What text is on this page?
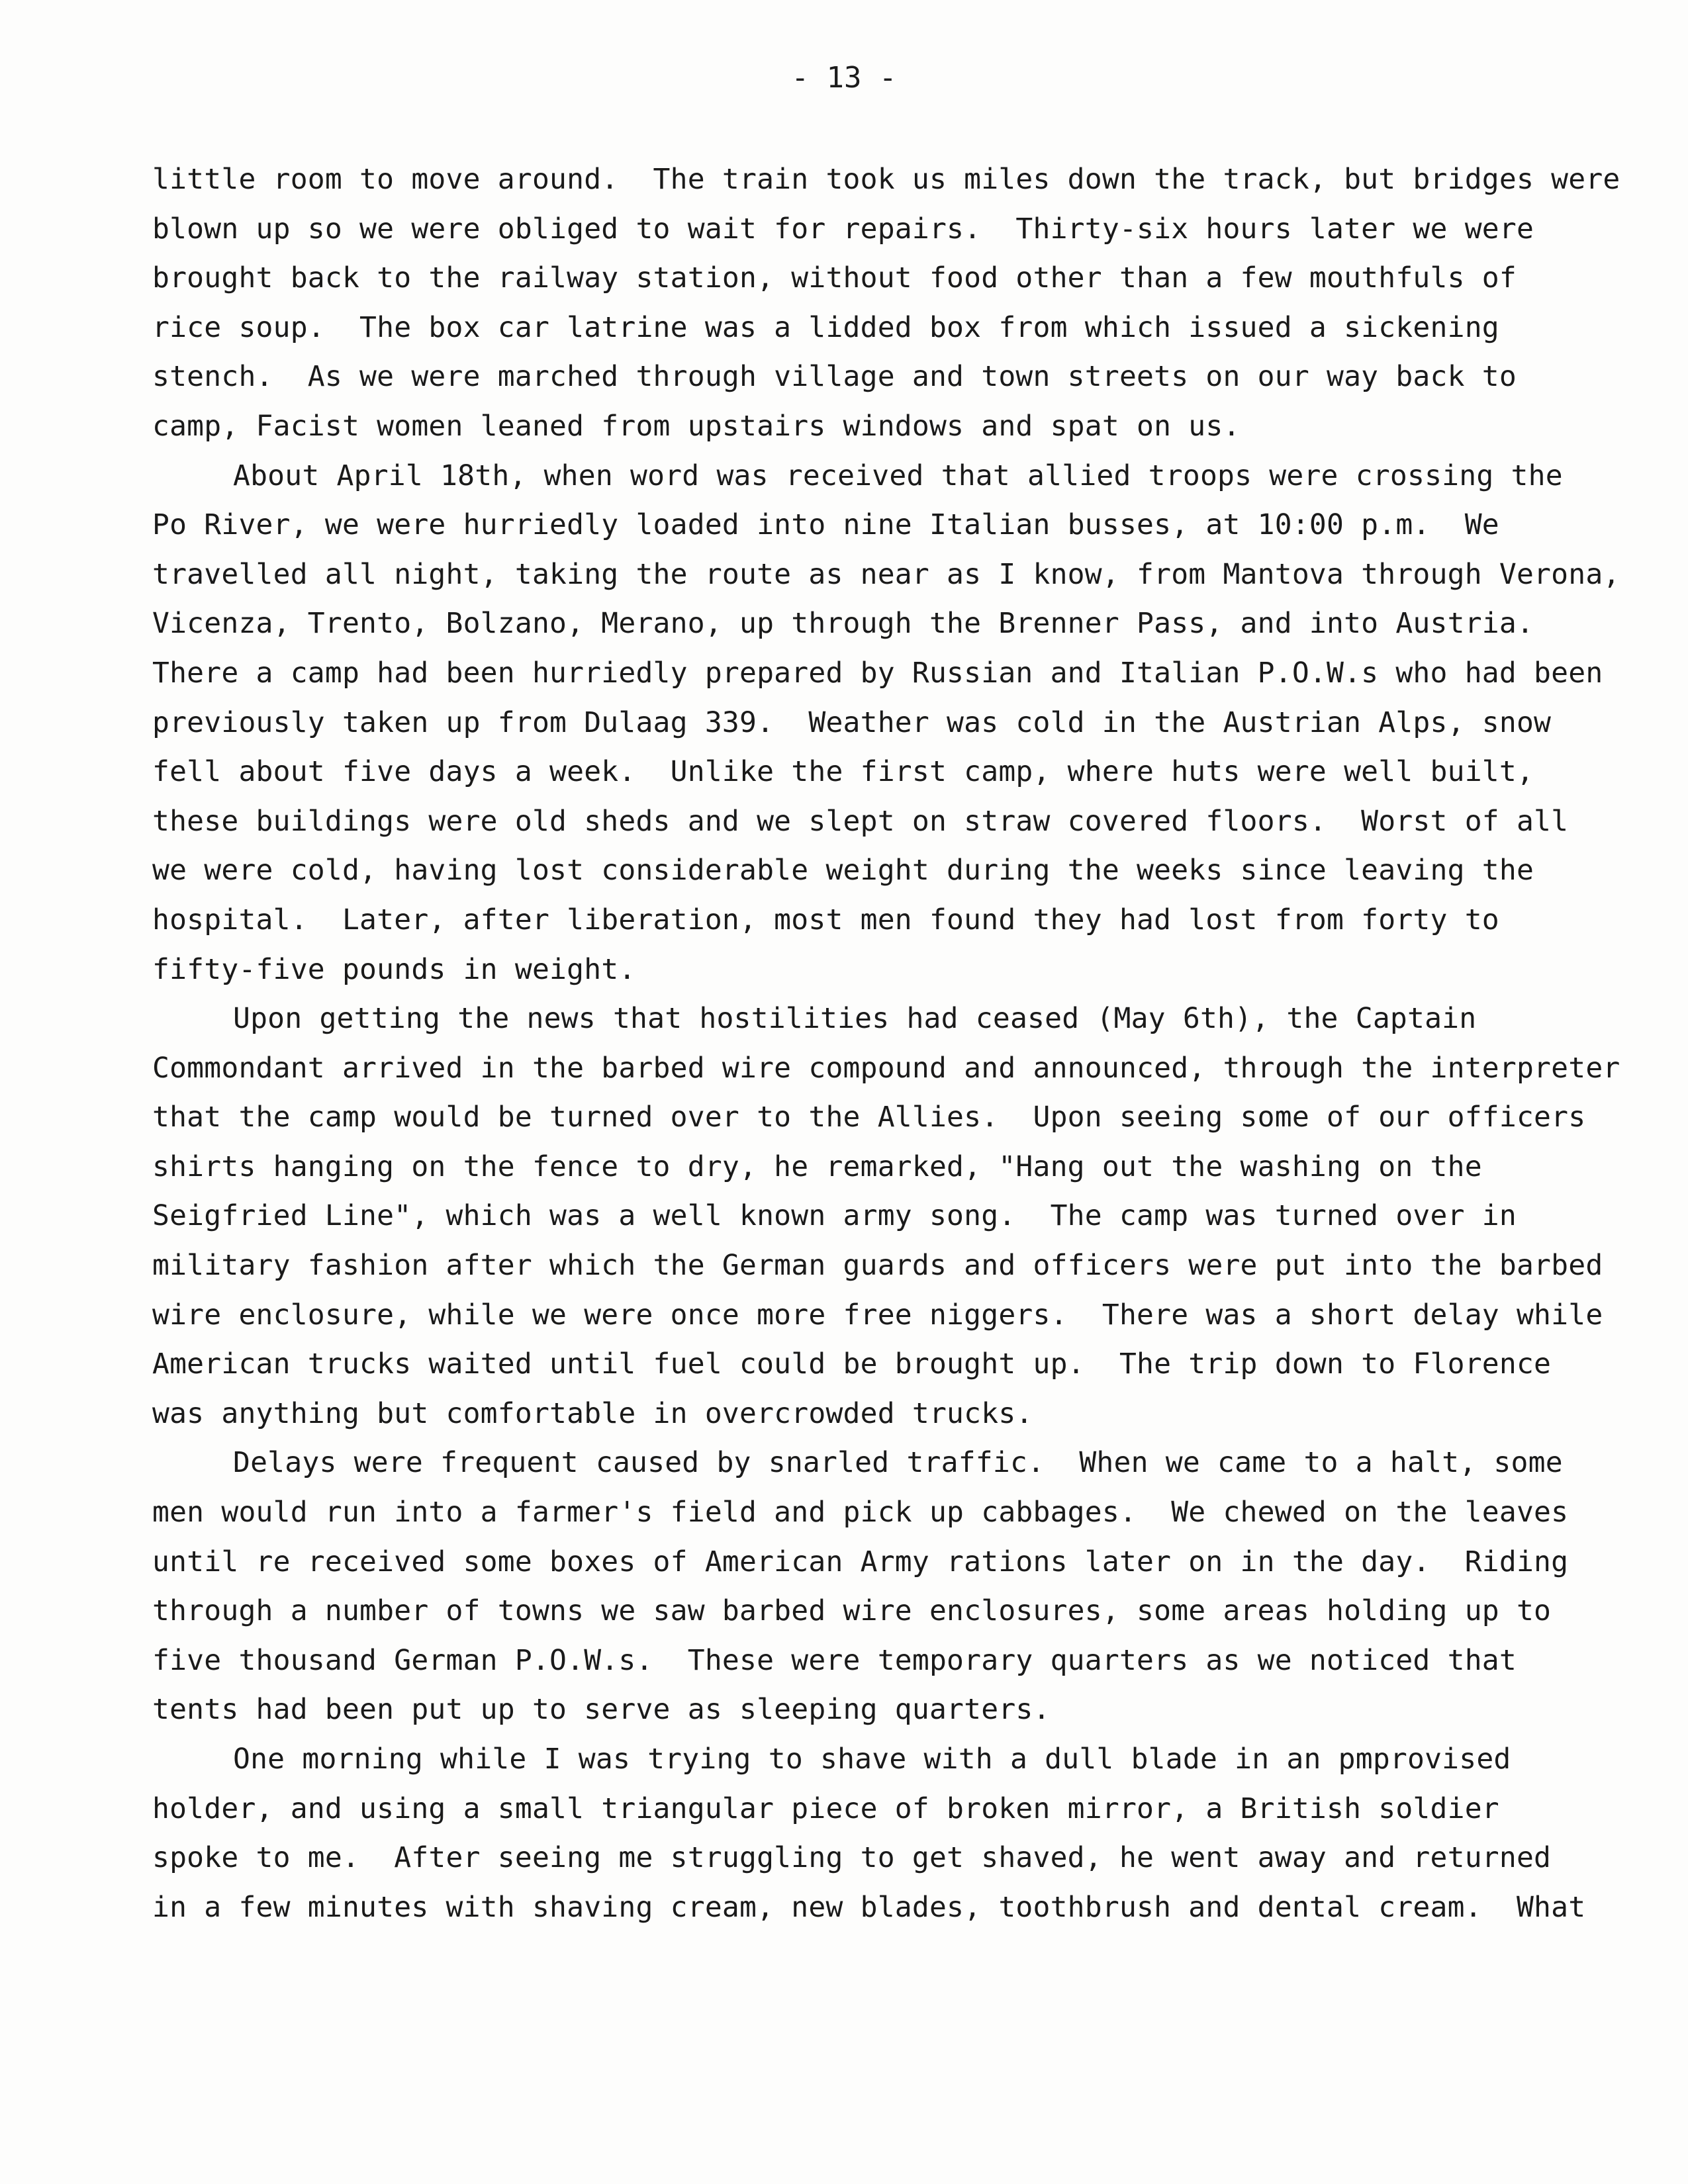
- 13 -
little room to move around.  The train took us miles down the track, but bridges were
blown up so we were obliged to wait for repairs.  Thirty-six hours later we were
brought back to the railway station, without food other than a few mouthfuls of
rice soup.  The box car latrine was a lidded box from which issued a sickening
stench.  As we were marched through village and town streets on our way back to
camp, Facist women leaned from upstairs windows and spat on us.
About April 18th, when word was received that allied troops were crossing the
Po River, we were hurriedly loaded into nine Italian busses, at 10:00 p.m.  We
travelled all night, taking the route as near as I know, from Mantova through Verona,
Vicenza, Trento, Bolzano, Merano, up through the Brenner Pass, and into Austria.
There a camp had been hurriedly prepared by Russian and Italian P.O.W.s who had been
previously taken up from Dulaag 339.  Weather was cold in the Austrian Alps, snow
fell about five days a week.  Unlike the first camp, where huts were well built,
these buildings were old sheds and we slept on straw covered floors.  Worst of all
we were cold, having lost considerable weight during the weeks since leaving the
hospital.  Later, after liberation, most men found they had lost from forty to
fifty-five pounds in weight.
Upon getting the news that hostilities had ceased (May 6th), the Captain
Commondant arrived in the barbed wire compound and announced, through the interpreter
that the camp would be turned over to the Allies.  Upon seeing some of our officers
shirts hanging on the fence to dry, he remarked, "Hang out the washing on the
Seigfried Line", which was a well known army song.  The camp was turned over in
military fashion after which the German guards and officers were put into the barbed
wire enclosure, while we were once more free niggers.  There was a short delay while
American trucks waited until fuel could be brought up.  The trip down to Florence
was anything but comfortable in overcrowded trucks.
Delays were frequent caused by snarled traffic.  When we came to a halt, some
men would run into a farmer's field and pick up cabbages.  We chewed on the leaves
until re received some boxes of American Army rations later on in the day.  Riding
through a number of towns we saw barbed wire enclosures, some areas holding up to
five thousand German P.O.W.s.  These were temporary quarters as we noticed that
tents had been put up to serve as sleeping quarters.
One morning while I was trying to shave with a dull blade in an pmprovised
holder, and using a small triangular piece of broken mirror, a British soldier
spoke to me.  After seeing me struggling to get shaved, he went away and returned
in a few minutes with shaving cream, new blades, toothbrush and dental cream.  What
